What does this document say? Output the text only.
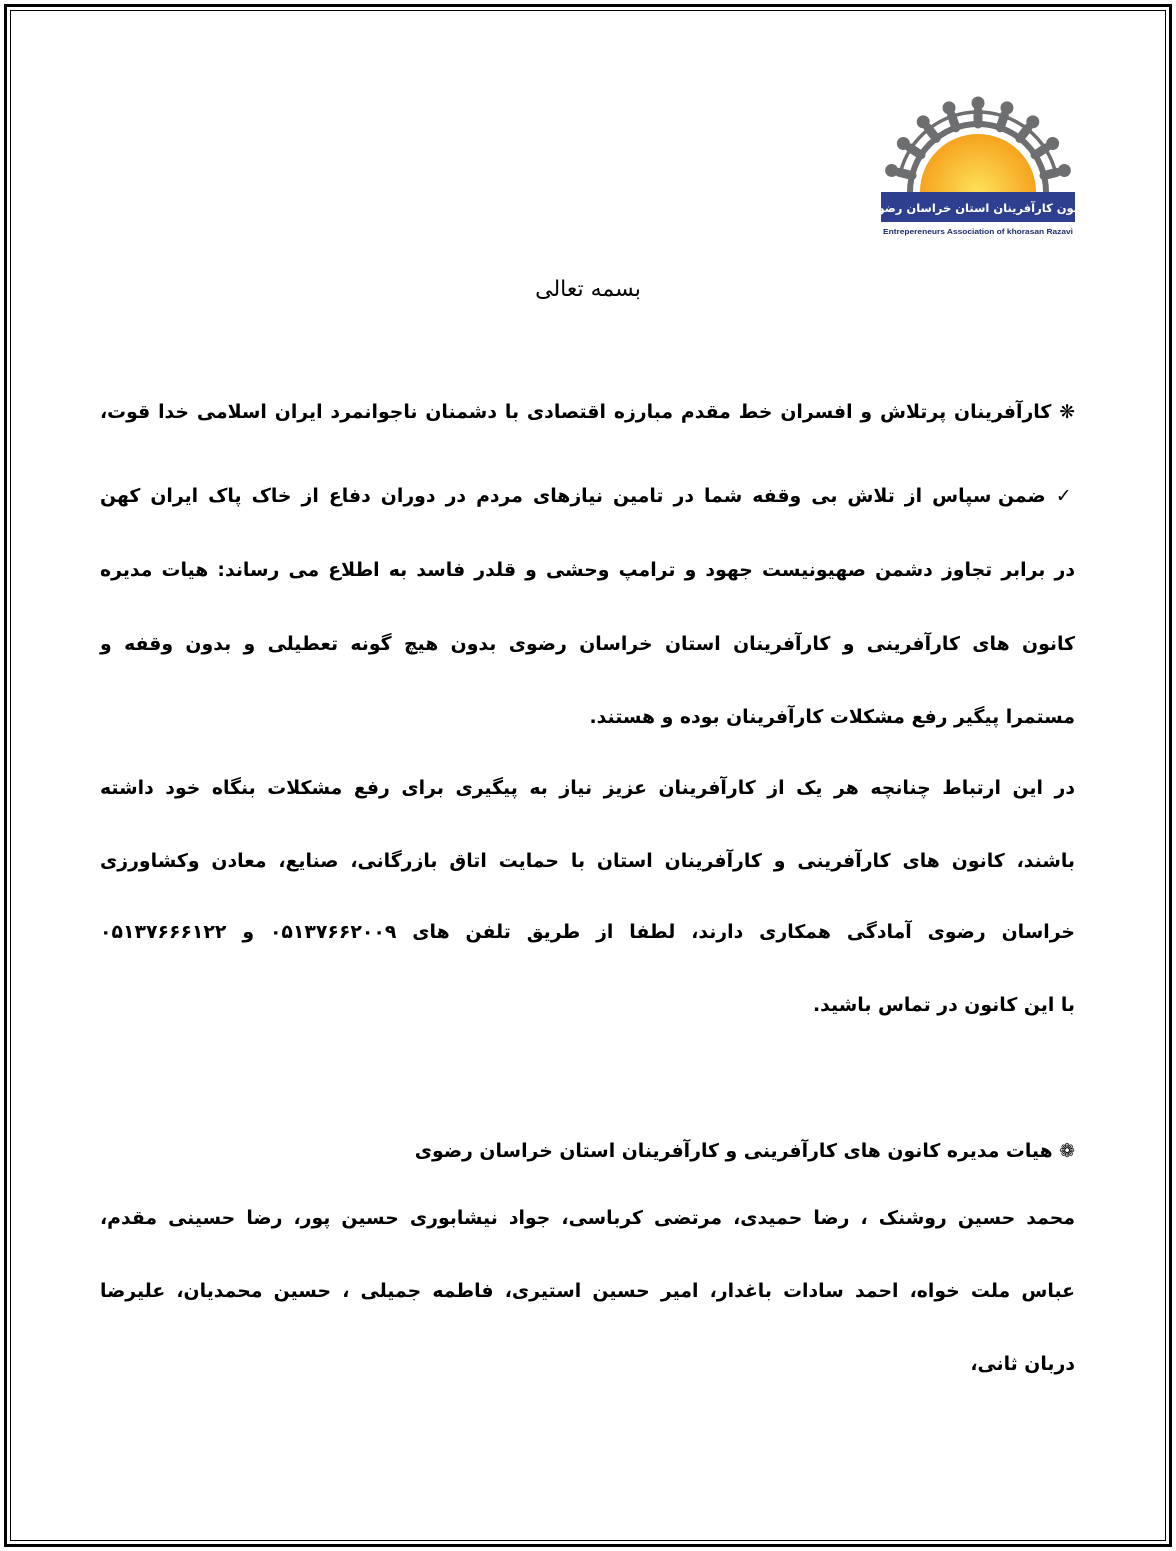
کانون کارآفرینان استان خراسان رضوی
Entrepereneurs Association of khorasan Razavi
بسمه تعالی
❋ کارآفرینان پرتلاش و افسران خط مقدم مبارزه اقتصادی با دشمنان ناجوانمرد ایران اسلامی خدا قوت،
✓ ضمن سپاس از تلاش بی وقفه شما در تامین نیازهای مردم در دوران دفاع از خاک پاک ایران کهن
در برابر تجاوز دشمن صهیونیست جهود و ترامپ وحشی و قلدر فاسد به اطلاع می رساند: هیات مدیره
کانون های کارآفرینی و کارآفرینان استان خراسان رضوی بدون هیچ گونه تعطیلی و بدون وقفه و
مستمرا پیگیر رفع مشکلات کارآفرینان بوده و هستند.
در این ارتباط چنانچه هر یک از کارآفرینان عزیز نیاز به پیگیری برای رفع مشکلات بنگاه خود داشته
باشند، کانون های کارآفرینی و کارآفرینان استان با حمایت اتاق بازرگانی، صنایع، معادن وکشاورزی
خراسان رضوی آمادگی همکاری دارند، لطفا از طریق تلفن های ۰۵۱۳۷۶۶۲۰۰۹ و ۰۵۱۳۷۶۶۶۱۲۲
با این کانون در تماس باشید.
❁ هیات مدیره کانون های کارآفرینی و کارآفرینان استان خراسان رضوی
محمد حسین روشنک ، رضا حمیدی، مرتضی کرباسی، جواد نیشابوری حسین پور، رضا حسینی مقدم،
عباس ملت خواه، احمد سادات باغدار، امیر حسین استیری، فاطمه جمیلی ، حسین محمدیان، علیرضا
دربان ثانی،
